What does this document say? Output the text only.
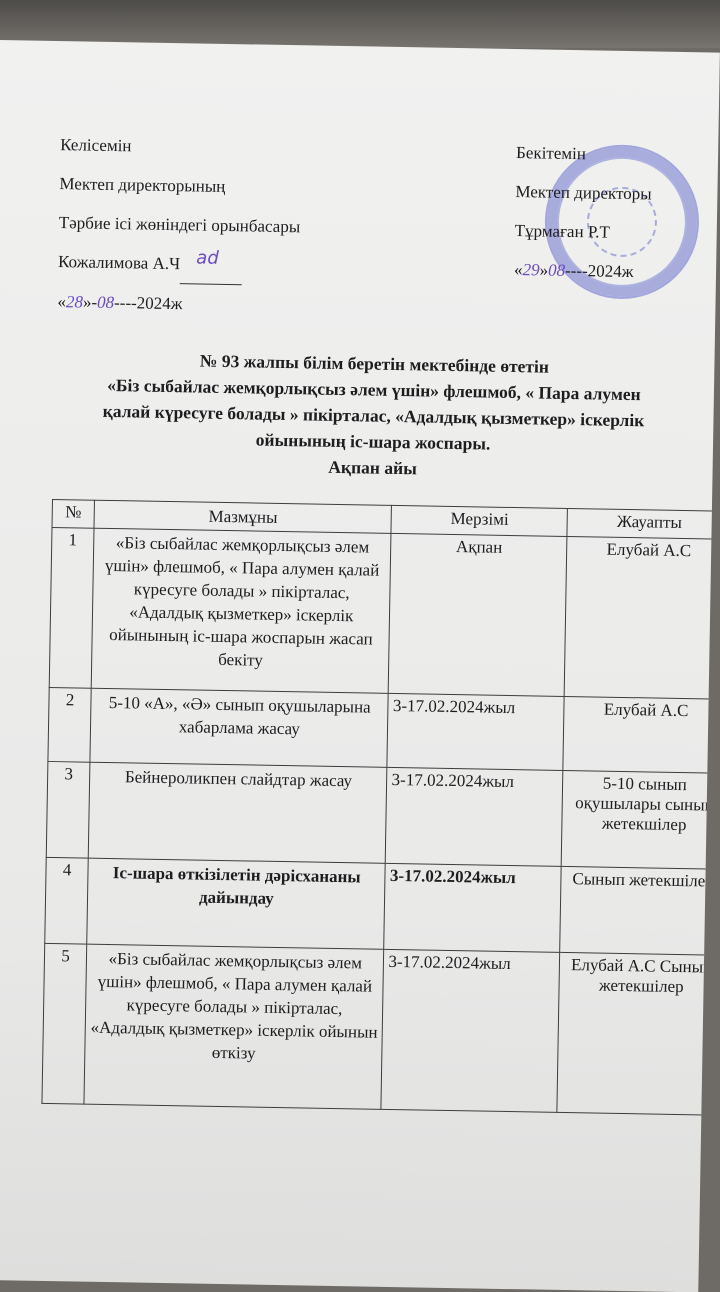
Келісемін
Мектеп директорының
Тәрбие ісі жөніндегі орынбасары
Кожалимова А.Ч ad

«28»-08----2024ж
Бекітемін
Мектеп директоры
Тұрмаған Р.Т
«29»08----2024ж
№ 93 жалпы білім беретін мектебінде өтетін
«Біз сыбайлас жемқорлықсыз әлем үшін» флешмоб, « Пара алумен
қалай күресуге болады » пікірталас, «Адалдық қызметкер» іскерлік
ойынының іс-шара жоспары.
Ақпан айы
№	Мазмұны	Мерзімі	Жауапты
1	«Біз сыбайлас жемқорлықсыз әлем үшін» флешмоб, « Пара алумен қалай күресуге болады » пікірталас, «Адалдық қызметкер» іскерлік ойынының іс-шара жоспарын жасап бекіту	Ақпан	Елубай А.С
2	5-10 «А», «Ә» сынып оқушыларына хабарлама жасау	3-17.02.2024жыл	Елубай А.С
3	Бейнероликпен слайдтар жасау	3-17.02.2024жыл	5-10 сынып оқушылары сынып жетекшілер
4	Іс-шара өткізілетін дәрісхананы дайындау	3-17.02.2024жыл	Сынып жетекшілер
5	«Біз сыбайлас жемқорлықсыз әлем үшін» флешмоб, « Пара алумен қалай күресуге болады » пікірталас, «Адалдық қызметкер» іскерлік ойынын өткізу	3-17.02.2024жыл	Елубай А.С Сынып жетекшілер
